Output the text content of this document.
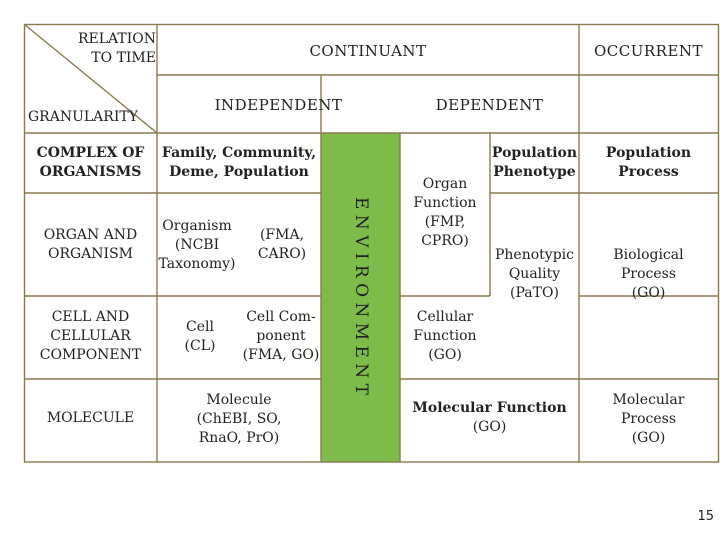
RELATION
TO TIME
GRANULARITY
CONTINUANT	OCCURRENT
INDEPENDENT	DEPENDENT
COMPLEX OF
ORGANISMS
ORGAN AND
ORGANISM
CELL AND
CELLULAR
COMPONENT
MOLECULE
Family, Community,
Deme, Population
Organism
(NCBI
Taxonomy)
(FMA,
CARO)
Cell
(CL)
Cell Com-
ponent
(FMA, GO)
Molecule
(ChEBI, SO,
RnaO, PrO)
ENVIRONMENT
Organ
Function
(FMP,
CPRO)
Population
Phenotype
Phenotypic
Quality
(PaTO)
Cellular
Function
(GO)
Molecular Function
(GO)
Population
Process
Biological
Process
(GO)
Molecular
Process
(GO)
15
